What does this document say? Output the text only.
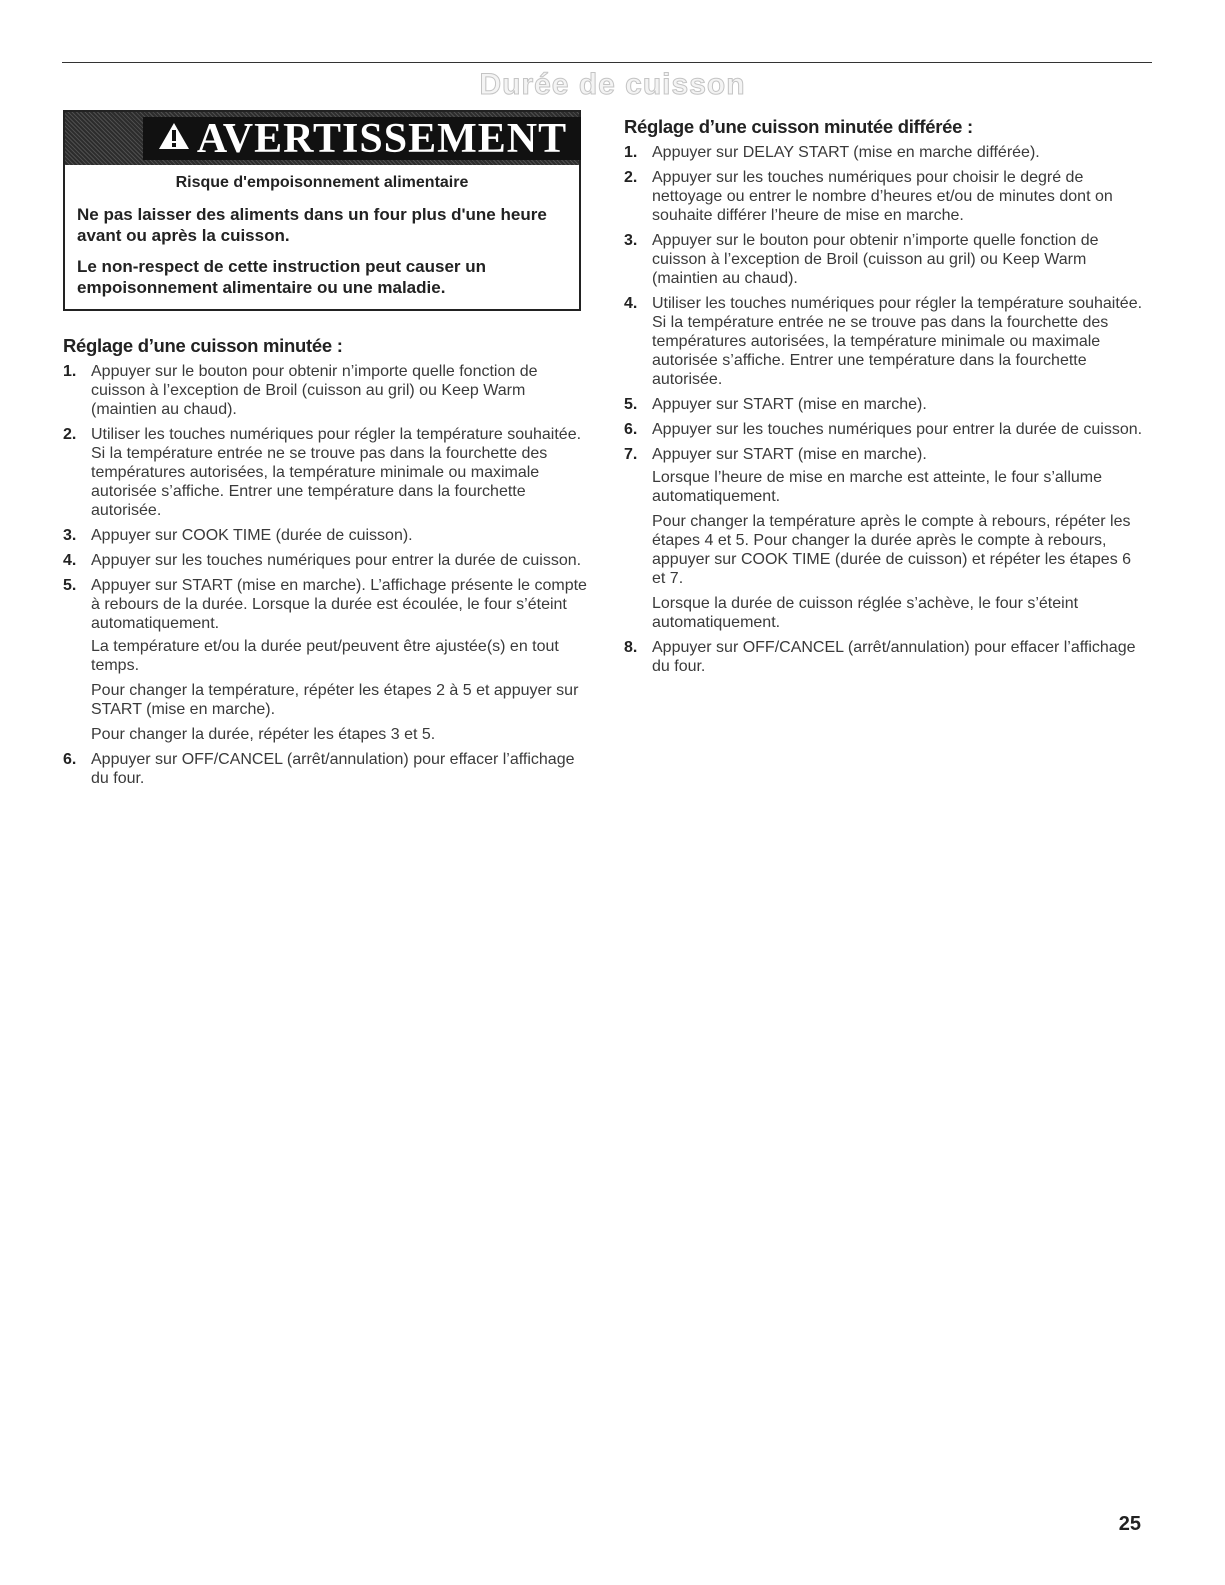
Durée de cuisson
AVERTISSEMENT
Risque d'empoisonnement alimentaire
Ne pas laisser des aliments dans un four plus d'une heure avant ou après la cuisson.
Le non-respect de cette instruction peut causer un empoisonnement alimentaire ou une maladie.
Réglage d’une cuisson minutée :
1. Appuyer sur le bouton pour obtenir n’importe quelle fonction de cuisson à l’exception de Broil (cuisson au gril) ou Keep Warm (maintien au chaud).
2. Utiliser les touches numériques pour régler la température souhaitée. Si la température entrée ne se trouve pas dans la fourchette des températures autorisées, la température minimale ou maximale autorisée s’affiche. Entrer une température dans la fourchette autorisée.
3. Appuyer sur COOK TIME (durée de cuisson).
4. Appuyer sur les touches numériques pour entrer la durée de cuisson.
5. Appuyer sur START (mise en marche). L’affichage présente le compte à rebours de la durée. Lorsque la durée est écoulée, le four s’éteint automatiquement.

La température et/ou la durée peut/peuvent être ajustée(s) en tout temps.

Pour changer la température, répéter les étapes 2 à 5 et appuyer sur START (mise en marche).

Pour changer la durée, répéter les étapes 3 et 5.

6. Appuyer sur OFF/CANCEL (arrêt/annulation) pour effacer l’affichage du four.
Réglage d’une cuisson minutée différée :
1. Appuyer sur DELAY START (mise en marche différée).
2. Appuyer sur les touches numériques pour choisir le degré de nettoyage ou entrer le nombre d’heures et/ou de minutes dont on souhaite différer l’heure de mise en marche.
3. Appuyer sur le bouton pour obtenir n’importe quelle fonction de cuisson à l’exception de Broil (cuisson au gril) ou Keep Warm (maintien au chaud).
4. Utiliser les touches numériques pour régler la température souhaitée. Si la température entrée ne se trouve pas dans la fourchette des températures autorisées, la température minimale ou maximale autorisée s’affiche. Entrer une température dans la fourchette autorisée.
5. Appuyer sur START (mise en marche).
6. Appuyer sur les touches numériques pour entrer la durée de cuisson.
7. Appuyer sur START (mise en marche).

Lorsque l’heure de mise en marche est atteinte, le four s’allume automatiquement.

Pour changer la température après le compte à rebours, répéter les étapes 4 et 5. Pour changer la durée après le compte à rebours, appuyer sur COOK TIME (durée de cuisson) et répéter les étapes 6 et 7.

Lorsque la durée de cuisson réglée s’achève, le four s’éteint automatiquement.

8. Appuyer sur OFF/CANCEL (arrêt/annulation) pour effacer l’affichage du four.
25
